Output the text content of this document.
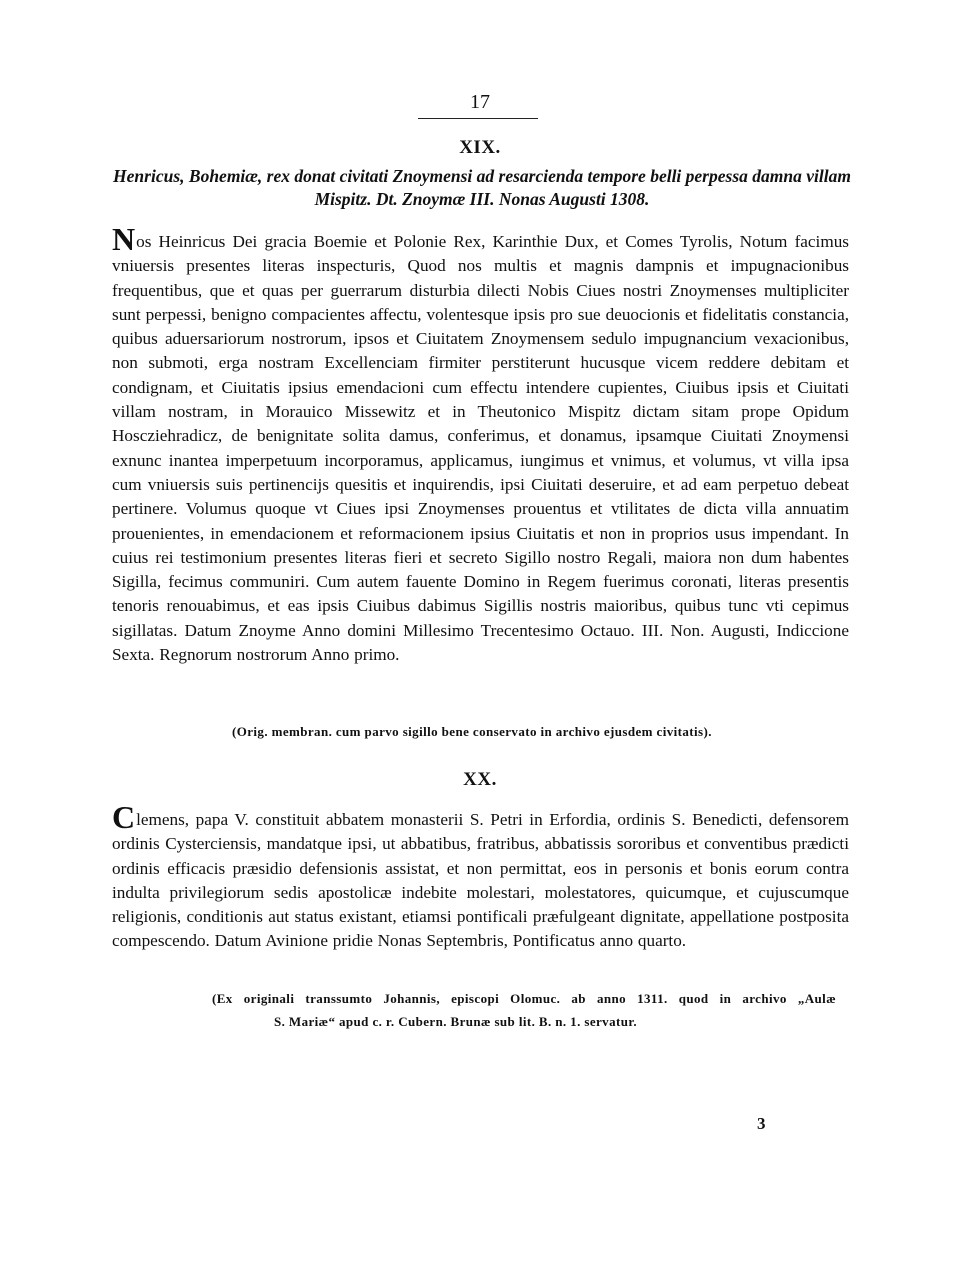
17
XIX.
Henricus, Bohemiæ, rex donat civitati Znoymensi ad resarcienda tempore belli perpessa damna villam Mispitz. Dt. Znoymæ III. Nonas Augusti 1308.
Nos Heinricus Dei gracia Boemie et Polonie Rex, Karinthie Dux, et Comes Tyrolis, Notum facimus vniuersis presentes literas inspecturis, Quod nos multis et magnis dampnis et impugnacionibus frequentibus, que et quas per guerrarum disturbia dilecti Nobis Ciues nostri Znoymenses multipliciter sunt perpessi, benigno compacientes affectu, volentesque ipsis pro sue deuocionis et fidelitatis constancia, quibus aduersariorum nostrorum, ipsos et Ciuitatem Znoymensem sedulo impugnancium vexacionibus, non submoti, erga nostram Excellenciam firmiter perstiterunt hucusque vicem reddere debitam et condignam, et Ciuitatis ipsius emendacioni cum effectu intendere cupientes, Ciuibus ipsis et Ciuitati villam nostram, in Morauico Missewitz et in Theutonico Mispitz dictam sitam prope Opidum Hoscziehradicz, de benignitate solita damus, conferimus, et donamus, ipsamque Ciuitati Znoymensi exnunc inantea imperpetuum incorporamus, applicamus, iungimus et vnimus, et volumus, vt villa ipsa cum vniuersis suis pertinencijs quesitis et inquirendis, ipsi Ciuitati deseruire, et ad eam perpetuo debeat pertinere. Volumus quoque vt Ciues ipsi Znoymenses prouentus et vtilitates de dicta villa annuatim prouenientes, in emendacionem et reformacionem ipsius Ciuitatis et non in proprios usus impendant. In cuius rei testimonium presentes literas fieri et secreto Sigillo nostro Regali, maiora non dum habentes Sigilla, fecimus communiri. Cum autem fauente Domino in Regem fuerimus coronati, literas presentis tenoris renouabimus, et eas ipsis Ciuibus dabimus Sigillis nostris maioribus, quibus tunc vti cepimus sigillatas. Datum Znoyme Anno domini Millesimo Trecentesimo Octauo. III. Non. Augusti, Indiccione Sexta. Regnorum nostrorum Anno primo.
(Orig. membran. cum parvo sigillo bene conservato in archivo ejusdem civitatis).
XX.
Clemens, papa V. constituit abbatem monasterii S. Petri in Erfordia, ordinis S. Benedicti, defensorem ordinis Cysterciensis, mandatque ipsi, ut abbatibus, fratribus, abbatissis sororibus et conventibus prædicti ordinis efficacis præsidio defensionis assistat, et non permittat, eos in personis et bonis eorum contra indulta privilegiorum sedis apostolicæ indebite molestari, molestatores, quicumque, et cujuscumque religionis, conditionis aut status existant, etiamsi pontificali præfulgeant dignitate, appellatione postposita compescendo. Datum Avinione pridie Nonas Septembris, Pontificatus anno quarto.
(Ex originali transsumto Johannis, episcopi Olomuc. ab anno 1311. quod in archivo „Aulæ
S. Mariæ“ apud c. r. Cubern. Brunæ sub lit. B. n. 1. servatur.
3
